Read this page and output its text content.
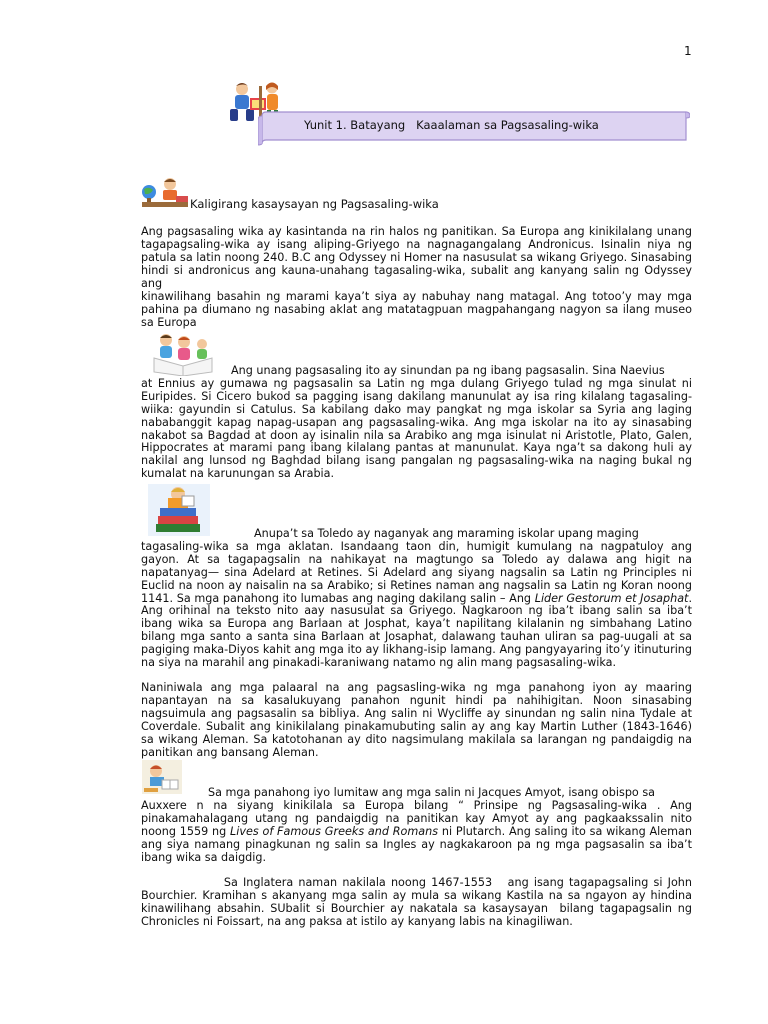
1
Yunit 1. Batayang   Kaaalaman sa Pagsasaling-wika
Kaligirang kasaysayan ng Pagsasaling-wika

Ang pagsasaling wika ay kasintanda na rin halos ng panitikan. Sa Europa ang kinikilalang unang tagapagsaling-wika ay isang aliping-Griyego na nagnagangalang Andronicus. Isinalin niya ng patula sa latin noong 240. B.C ang Odyssey ni Homer na nasusulat sa wikang Griyego. Sinasabing hindi si andronicus ang kauna-unahang tagasaling-wika, subalit ang kanyang salin ng Odyssey ang

kinawilihang basahin ng marami kaya’t siya ay nabuhay nang matagal. Ang totoo’y may mga pahina pa diumano ng nasabing aklat ang matatagpuan magpahangang nagyon sa ilang museo sa Europa

Ang unang pagsasaling ito ay sinundan pa ng ibang pagsasalin. Sina Naevius
at Ennius ay gumawa ng pagsasalin sa Latin ng mga dulang Griyego tulad ng mga sinulat ni Euripides. Si Cicero bukod sa pagging isang dakilang manunulat ay isa ring kilalang tagasaling-wiika: gayundin si Catulus. Sa kabilang dako may pangkat ng mga iskolar sa Syria ang laging nababanggit kapag napag-usapan ang pagsasaling-wika. Ang mga iskolar na ito ay sinasabing nakabot sa Bagdad at doon ay isinalin nila sa Arabiko ang mga isinulat ni Aristotle, Plato, Galen, Hippocrates at marami pang ibang kilalang pantas at manunulat. Kaya nga’t sa dakong huli ay nakilal ang lunsod ng Baghdad bilang isang pangalan ng pagsasaling-wika na naging bukal ng kumalat na karunungan sa Arabia.

Anupa’t sa Toledo ay naganyak ang maraming iskolar upang maging
tagasaling-wika sa mga aklatan. Isandaang taon din, humigit kumulang na nagpatuloy ang gayon. At sa tagapagsalin na nahikayat na magtungo sa Toledo ay dalawa ang higit na napatanyag— sina Adelard at Retines. Si Adelard ang siyang nagsalin sa Latin ng Principles ni Euclid na noon ay naisalin na sa Arabiko; si Retines naman ang nagsalin sa Latin ng Koran noong 1141. Sa mga panahong ito lumabas ang naging dakilang salin – Ang Lider Gestorum et Josaphat. Ang orihinal na teksto nito aay nasusulat sa Griyego. Nagkaroon ng iba’t ibang salin sa iba’t ibang wika sa Europa ang Barlaan at Josphat, kaya’t napilitang kilalanin ng simbahang Latino bilang mga santo a santa sina Barlaan at Josaphat, dalawang tauhan uliran sa pag-uugali at sa pagiging maka-Diyos kahit ang mga ito ay likhang-isip lamang. Ang pangyayaring ito’y itinuturing na siya na marahil ang pinakadi-karaniwang natamo ng alin mang pagsasaling-wika.

Naniniwala ang mga palaaral na ang pagsasling-wika ng mga panahong iyon ay maaring napantayan na sa kasalukuyang panahon ngunit hindi pa nahihigitan. Noon sinasabing nagsuimula ang pagsasalin sa bibliya. Ang salin ni Wycliffe ay sinundan ng salin nina Tydale at Coverdale. Subalit ang kinikilalang pinakamubuting salin ay ang kay Martin Luther (1843-1646) sa wikang Aleman. Sa katotohanan ay dito nagsimulang makilala sa larangan ng pandaigdig na panitikan ang bansang Aleman.

Sa mga panahong iyo lumitaw ang mga salin ni Jacques Amyot, isang obispo sa
Auxxere n na siyang kinikilala sa Europa bilang “ Prinsipe ng Pagsasaling-wika . Ang pinakamahalagang utang ng pandaigdig na panitikan kay Amyot ay ang pagkaakssalin nito noong 1559 ng Lives of Famous Greeks and Romans ni Plutarch. Ang saling ito sa wikang Aleman ang siya namang pinagkunan ng salin sa Ingles ay nagkakaroon pa ng mga pagsasalin sa iba’t ibang wika sa daigdig.

Sa Inglatera naman nakilala noong 1467-1553   ang isang tagapagsaling si John Bourchier. Kramihan s akanyang mga salin ay mula sa wikang Kastila na sa ngayon ay hindina kinawilihang absahin. SUbalit si Bourchier ay nakatala sa kasaysayan  bilang tagapagsalin ng Chronicles ni Foissart, na ang paksa at istilo ay kanyang labis na kinagiliwan.
